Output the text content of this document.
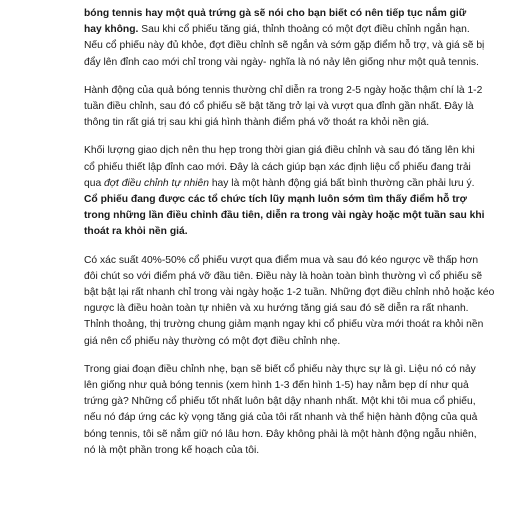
bóng tennis hay một quả trứng gà sẽ nói cho bạn biết có nên tiếp tục nắm giữ
hay không. Sau khi cổ phiếu tăng giá, thỉnh thoảng có một đợt điều chỉnh ngắn hạn.
Nếu cổ phiếu này đủ khỏe, đợt điều chỉnh sẽ ngắn và sớm gặp điểm hỗ trợ, và giá sẽ bị
đẩy lên đỉnh cao mới chỉ trong vài ngày- nghĩa là nó nảy lên giống như một quả tennis.

Hành động của quả bóng tennis thường chỉ diễn ra trong 2-5 ngày hoặc thậm chí là 1-2
tuần điều chỉnh, sau đó cổ phiếu sẽ bật tăng trở lại và vượt qua đỉnh gần nhất. Đây là
thông tin rất giá trị sau khi giá hình thành điểm phá vỡ thoát ra khỏi nền giá.

Khối lượng giao dịch nên thu hẹp trong thời gian giá điều chỉnh và sau đó tăng lên khi
cổ phiếu thiết lập đỉnh cao mới. Đây là cách giúp bạn xác định liệu cổ phiếu đang trải
qua đợt điều chỉnh tự nhiên hay là một hành động giá bất bình thường cần phải lưu ý.
Cổ phiếu đang được các tổ chức tích lũy mạnh luôn sớm tìm thấy điểm hỗ trợ
trong những lần điều chỉnh đầu tiên, diễn ra trong vài ngày hoặc một tuần sau khi
thoát ra khỏi nền giá.

Có xác suất 40%-50% cổ phiếu vượt qua điểm mua và sau đó kéo ngược về thấp hơn
đôi chút so với điểm phá vỡ đầu tiên. Điều này là hoàn toàn bình thường vì cổ phiếu sẽ
bật bật lại rất nhanh chỉ trong vài ngày hoặc 1-2 tuần. Những đợt điều chỉnh nhỏ hoặc kéo
ngược là điều hoàn toàn tự nhiên và xu hướng tăng giá sau đó sẽ diễn ra rất nhanh.
Thỉnh thoảng, thị trường chung giảm mạnh ngay khi cổ phiếu vừa mới thoát ra khỏi nền
giá nên cổ phiếu này thường có một đợt điều chỉnh nhẹ.

Trong giai đoạn điều chỉnh nhẹ, bạn sẽ biết cổ phiếu này thực sự là gì. Liệu nó có nảy
lên giống như quả bóng tennis (xem hình 1-3 đến hình 1-5) hay nằm bẹp dí như quả
trứng gà? Những cổ phiếu tốt nhất luôn bật dậy nhanh nhất. Một khi tôi mua cổ phiếu,
nếu nó đáp ứng các kỳ vọng tăng giá của tôi rất nhanh và thể hiện hành động của quả
bóng tennis, tôi sẽ nắm giữ nó lâu hơn. Đây không phải là một hành động ngẫu nhiên,
nó là một phần trong kế hoạch của tôi.
